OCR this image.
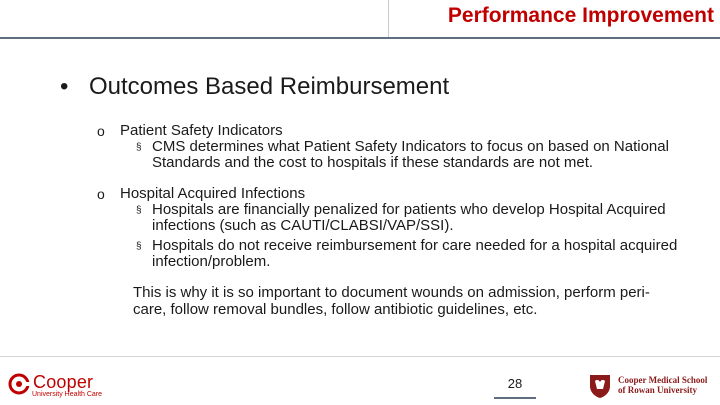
Performance Improvement
• Outcomes Based Reimbursement
o Patient Safety Indicators
§ CMS determines what Patient Safety Indicators to focus on based on National Standards and the cost to hospitals if these standards are not met.
o Hospital Acquired Infections
§ Hospitals are financially penalized for patients who develop Hospital Acquired infections (such as CAUTI/CLABSI/VAP/SSI).
§ Hospitals do not receive reimbursement for care needed for a hospital acquired infection/problem.
This is why it is so important to document wounds on admission, perform peri-care, follow removal bundles, follow antibiotic guidelines, etc.
Cooper
University Health Care
28	Cooper Medical School
of Rowan University
